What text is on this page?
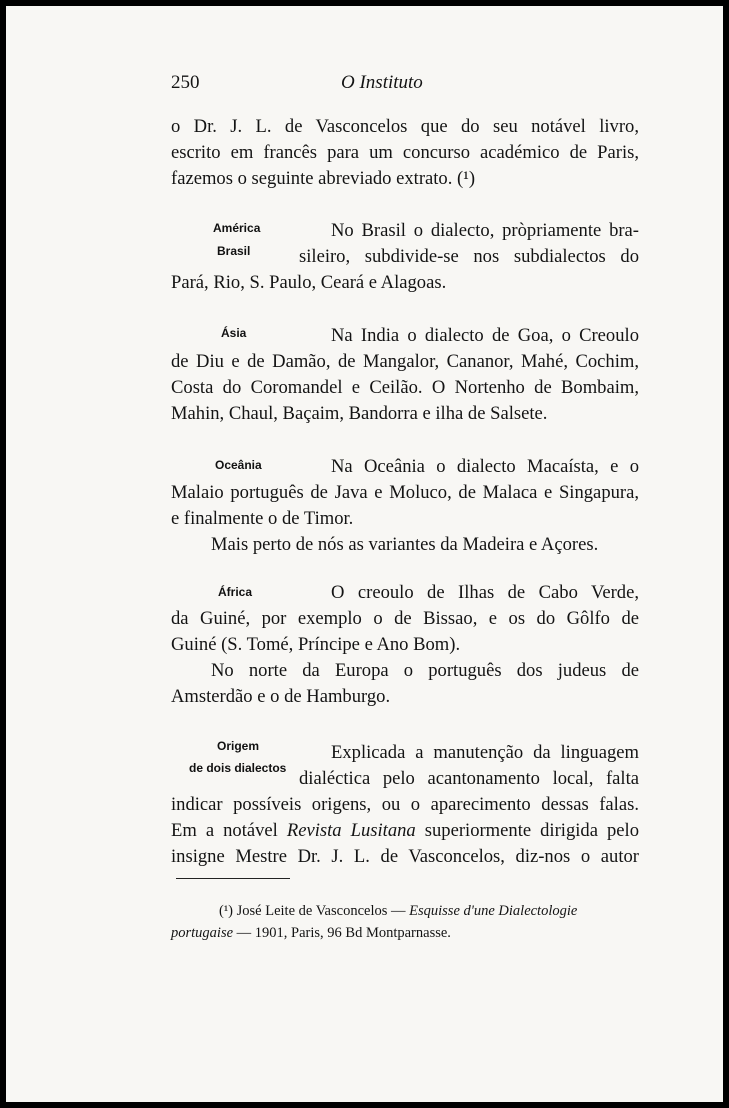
250	O Instituto
o Dr. J. L. de Vasconcelos que do seu notável livro,
escrito em francês para um concurso académico de Paris,
fazemos o seguinte abreviado extrato. (¹)
América
Brasil
No Brasil o dialecto, pròpriamente bra-
sileiro, subdivide-se nos subdialectos do
Pará, Rio, S. Paulo, Ceará e Alagoas.
Ásia	Na India o dialecto de Goa, o Creoulo
de Diu e de Damão, de Mangalor, Cananor, Mahé, Cochim,
Costa do Coromandel e Ceilão. O Nortenho de Bombaim,
Mahin, Chaul, Baçaim, Bandorra e ilha de Salsete.
Oceânia	Na Oceânia o dialecto Macaísta, e o
Malaio português de Java e Moluco, de Malaca e Singapura,
e finalmente o de Timor.
Mais perto de nós as variantes da Madeira e Açores.
África	O creoulo de Ilhas de Cabo Verde,
da Guiné, por exemplo o de Bissao, e os do Gôlfo de
Guiné (S. Tomé, Príncipe e Ano Bom).
No norte da Europa o português dos judeus de
Amsterdão e o de Hamburgo.
Origem
de dois dialectos
Explicada a manutenção da linguagem
dialéctica pelo acantonamento local, falta
indicar possíveis origens, ou o aparecimento dessas falas.
Em a notável Revista Lusitana superiormente dirigida pelo
insigne Mestre Dr. J. L. de Vasconcelos, diz-nos o autor
(¹) José Leite de Vasconcelos — Esquisse d'une Dialectologie
portugaise — 1901, Paris, 96 Bd Montparnasse.
